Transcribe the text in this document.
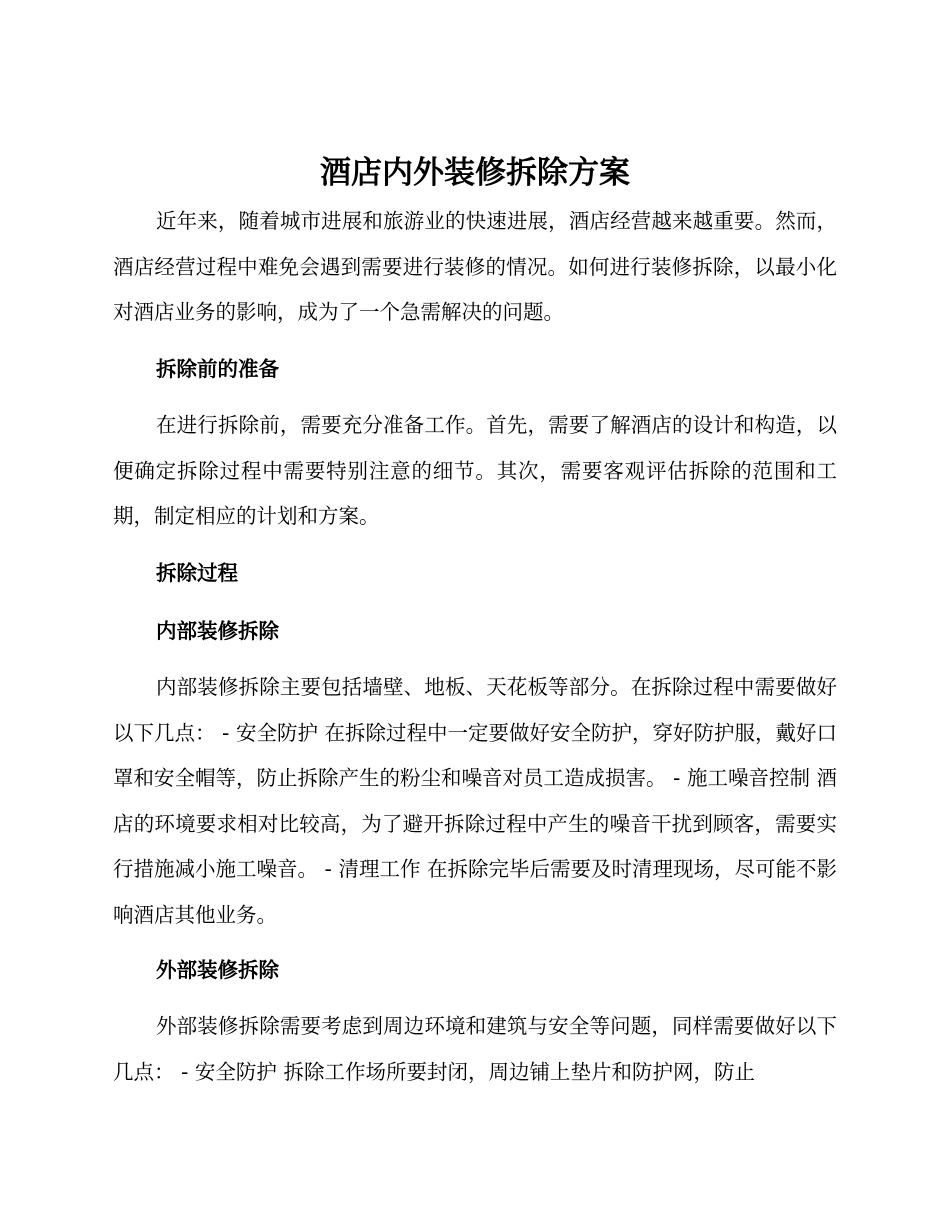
酒店内外装修拆除方案

近年来，随着城市进展和旅游业的快速进展，酒店经营越来越重要。然而，酒店经营过程中难免会遇到需要进行装修的情况。如何进行装修拆除，以最小化对酒店业务的影响，成为了一个急需解决的问题。

拆除前的准备

在进行拆除前，需要充分准备工作。首先，需要了解酒店的设计和构造，以便确定拆除过程中需要特别注意的细节。其次，需要客观评估拆除的范围和工期，制定相应的计划和方案。

拆除过程
内部装修拆除

内部装修拆除主要包括墙壁、地板、天花板等部分。在拆除过程中需要做好以下几点： - 安全防护 在拆除过程中一定要做好安全防护，穿好防护服，戴好口罩和安全帽等，防止拆除产生的粉尘和噪音对员工造成损害。 - 施工噪音控制 酒店的环境要求相对比较高，为了避开拆除过程中产生的噪音干扰到顾客，需要实行措施减小施工噪音。 - 清理工作 在拆除完毕后需要及时清理现场，尽可能不影响酒店其他业务。

外部装修拆除

外部装修拆除需要考虑到周边环境和建筑与安全等问题，同样需要做好以下几点： - 安全防护 拆除工作场所要封闭，周边铺上垫片和防护网，防止
